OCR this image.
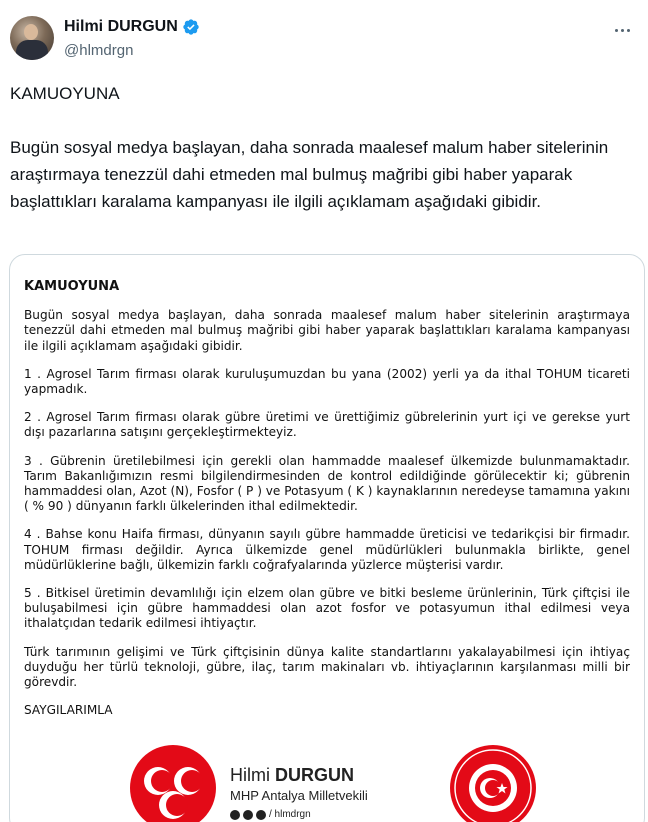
Hilmi DURGUN
@hlmdrgn

KAMUOYUNA

Bugün sosyal medya başlayan, daha sonrada maalesef malum haber sitelerinin araştırmaya tenezzül dahi etmeden mal bulmuş mağribi gibi haber yaparak başlattıkları karalama kampanyası ile ilgili açıklamam aşağıdaki gibidir.

KAMUOYUNA

Bugün sosyal medya başlayan, daha sonrada maalesef malum haber sitelerinin araştırmaya tenezzül dahi etmeden mal bulmuş mağribi gibi haber yaparak başlattıkları karalama kampanyası ile ilgili açıklamam aşağıdaki gibidir.

1 . Agrosel Tarım firması olarak kuruluşumuzdan bu yana (2002) yerli ya da ithal TOHUM ticareti yapmadık.

2 . Agrosel Tarım firması olarak gübre üretimi ve ürettiğimiz gübrelerinin yurt içi ve gerekse yurt dışı pazarlarına satışını gerçekleştirmekteyiz.

3 . Gübrenin üretilebilmesi için gerekli olan hammadde maalesef ülkemizde bulunmamaktadır. Tarım Bakanlığımızın resmi bilgilendirmesinden de kontrol edildiğinde görülecektir ki; gübrenin hammaddesi olan, Azot (N), Fosfor ( P ) ve Potasyum ( K ) kaynaklarının neredeyse tamamına yakını ( % 90 ) dünyanın farklı ülkelerinden ithal edilmektedir.

4 . Bahse konu Haifa firması, dünyanın sayılı gübre hammadde üreticisi ve tedarikçisi bir firmadır. TOHUM firması değildir. Ayrıca ülkemizde genel müdürlükleri bulunmakla birlikte, genel müdürlüklerine bağlı, ülkemizin farklı coğrafyalarında yüzlerce müşterisi vardır.

5 . Bitkisel üretimin devamlılığı için elzem olan gübre ve bitki besleme ürünlerinin, Türk çiftçisi ile buluşabilmesi için gübre hammaddesi olan azot fosfor ve potasyumun ithal edilmesi veya ithalatçıdan tedarik edilmesi ihtiyaçtır.

Türk tarımının gelişimi ve Türk çiftçisinin dünya kalite standartlarını yakalayabilmesi için ihtiyaç duyduğu her türlü teknoloji, gübre, ilaç, tarım makinaları vb. ihtiyaçlarının karşılanması milli bir görevdir.

SAYGILARIMLA

Hilmi DURGUN
MHP Antalya Milletvekili
/ hlmdrgn
